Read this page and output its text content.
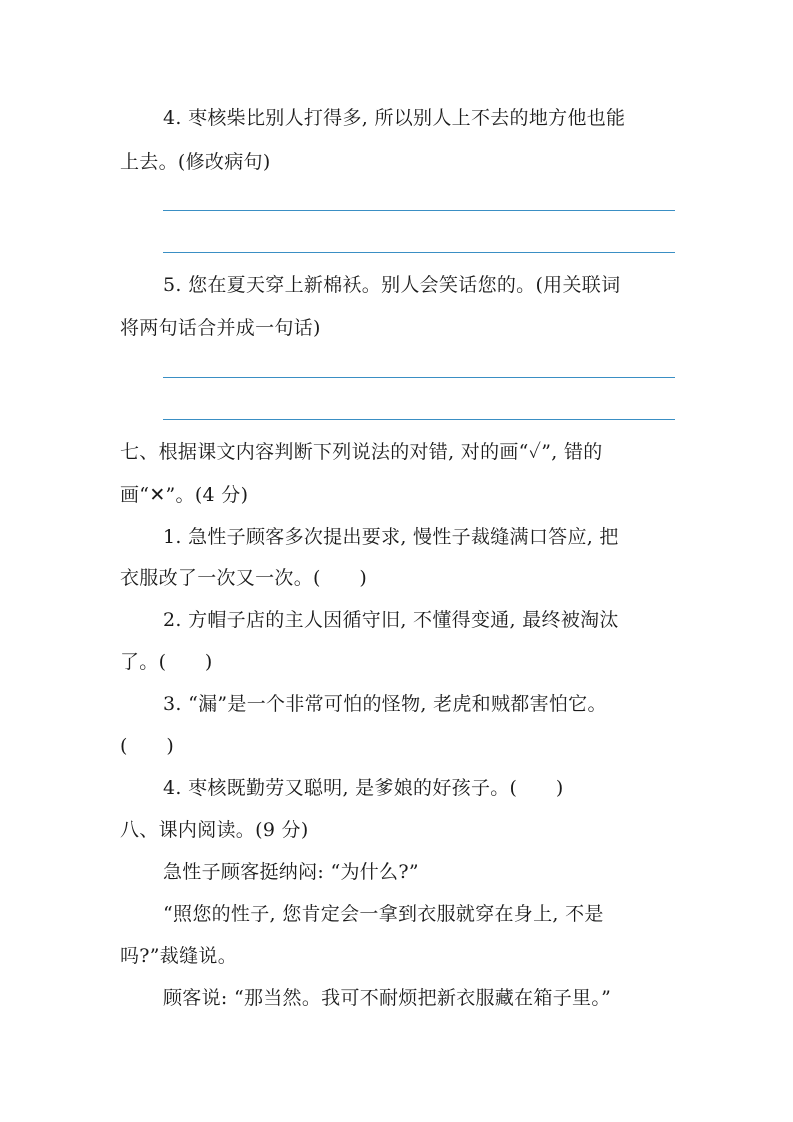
4. 枣核柴比别人打得多, 所以别人上不去的地方他也能
上去。(修改病句)
5. 您在夏天穿上新棉袄。别人会笑话您的。(用关联词
将两句话合并成一句话)
七、根据课文内容判断下列说法的对错, 对的画“✓”, 错的
画“✕”。(4 分)
1. 急性子顾客多次提出要求, 慢性子裁缝满口答应, 把
衣服改了一次又一次。(　　)
2. 方帽子店的主人因循守旧, 不懂得变通, 最终被淘汰
了。(　　)
3. “漏”是一个非常可怕的怪物, 老虎和贼都害怕它。
(　　)
4. 枣核既勤劳又聪明, 是爹娘的好孩子。(　　)
八、课内阅读。(9 分)
急性子顾客挺纳闷: “为什么?”
“照您的性子, 您肯定会一拿到衣服就穿在身上, 不是
吗?”裁缝说。
顾客说: “那当然。我可不耐烦把新衣服藏在箱子里。”
